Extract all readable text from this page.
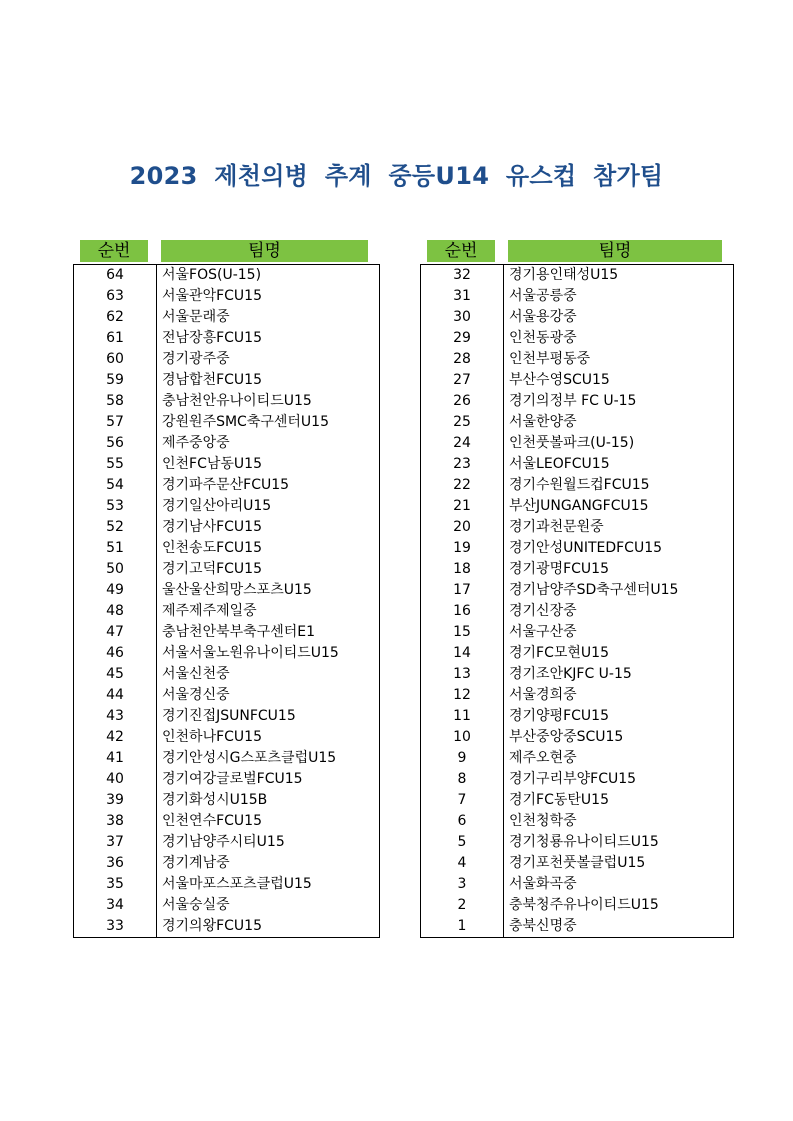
2023 제천의병 추계 중등U14 유스컵 참가팀
순번	팀명
64	서울FOS(U-15)
63	서울관악FCU15
62	서울문래중
61	전남장흥FCU15
60	경기광주중
59	경남합천FCU15
58	충남천안유나이티드U15
57	강원원주SMC축구센터U15
56	제주중앙중
55	인천FC남동U15
54	경기파주문산FCU15
53	경기일산아리U15
52	경기남사FCU15
51	인천송도FCU15
50	경기고덕FCU15
49	울산울산희망스포츠U15
48	제주제주제일중
47	충남천안북부축구센터E1
46	서울서울노원유나이티드U15
45	서울신천중
44	서울경신중
43	경기진접JSUNFCU15
42	인천하나FCU15
41	경기안성시G스포츠클럽U15
40	경기여강글로벌FCU15
39	경기화성시U15B
38	인천연수FCU15
37	경기남양주시티U15
36	경기계남중
35	서울마포스포츠클럽U15
34	서울숭실중
33	경기의왕FCU15
순번	팀명
32	경기용인태성U15
31	서울공릉중
30	서울용강중
29	인천동광중
28	인천부평동중
27	부산수영SCU15
26	경기의정부 FC U-15
25	서울한양중
24	인천풋볼파크(U-15)
23	서울LEOFCU15
22	경기수원월드컵FCU15
21	부산JUNGANGFCU15
20	경기과천문원중
19	경기안성UNITEDFCU15
18	경기광명FCU15
17	경기남양주SD축구센터U15
16	경기신장중
15	서울구산중
14	경기FC모현U15
13	경기조안KJFC U-15
12	서울경희중
11	경기양평FCU15
10	부산중앙중SCU15
9	제주오현중
8	경기구리부양FCU15
7	경기FC동탄U15
6	인천청학중
5	경기청룡유나이티드U15
4	경기포천풋볼클럽U15
3	서울화곡중
2	충북청주유나이티드U15
1	충북신명중
